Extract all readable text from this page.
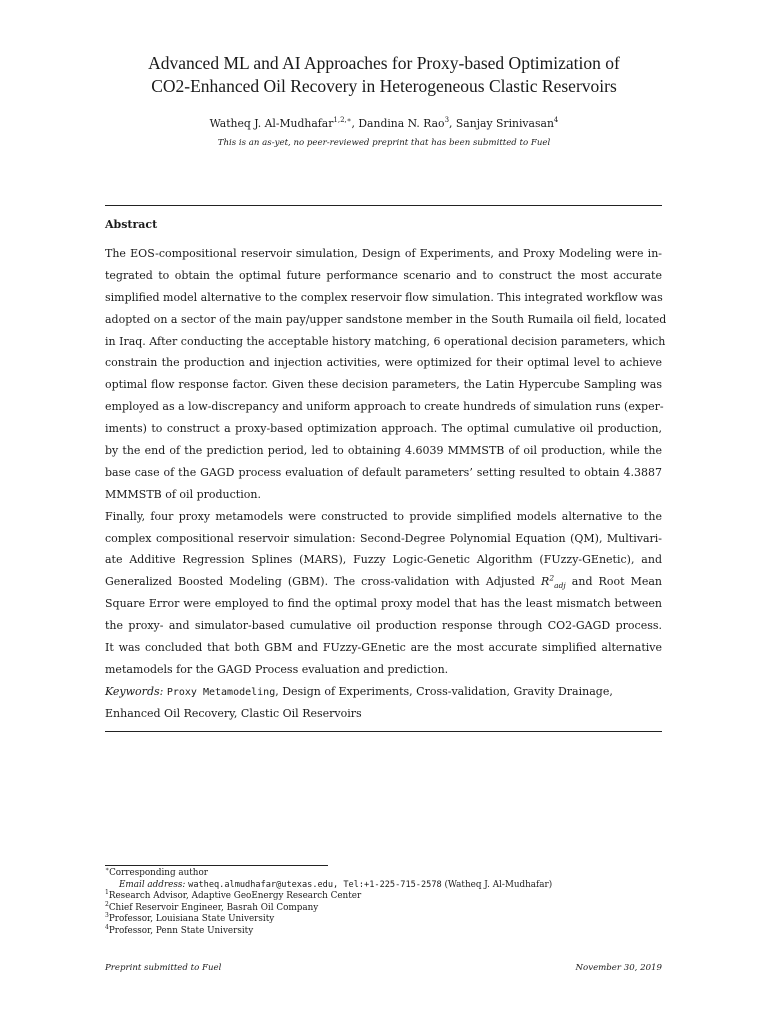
Advanced ML and AI Approaches for Proxy-based Optimization of
CO2-Enhanced Oil Recovery in Heterogeneous Clastic Reservoirs
Watheq J. Al-Mudhafar$^{1,2,∗}$, Dandina N. Rao$^3$, Sanjay Srinivasan$^4$
This is an as-yet, no peer-reviewed preprint that has been submitted to Fuel
Abstract
The EOS-compositional reservoir simulation, Design of Experiments, and Proxy Modeling were in-
tegrated to obtain the optimal future performance scenario and to construct the most accurate
simplified model alternative to the complex reservoir flow simulation. This integrated workflow was
adopted on a sector of the main pay/upper sandstone member in the South Rumaila oil field, located
in Iraq. After conducting the acceptable history matching, 6 operational decision parameters, which
constrain the production and injection activities, were optimized for their optimal level to achieve
optimal flow response factor. Given these decision parameters, the Latin Hypercube Sampling was
employed as a low-discrepancy and uniform approach to create hundreds of simulation runs (exper-
iments) to construct a proxy-based optimization approach. The optimal cumulative oil production,
by the end of the prediction period, led to obtaining 4.6039 MMMSTB of oil production, while the
base case of the GAGD process evaluation of default parameters’ setting resulted to obtain 4.3887
MMMSTB of oil production.
Finally, four proxy metamodels were constructed to provide simplified models alternative to the
complex compositional reservoir simulation: Second-Degree Polynomial Equation (QM), Multivari-
ate Additive Regression Splines (MARS), Fuzzy Logic-Genetic Algorithm (FUzzy-GEnetic), and
Generalized Boosted Modeling (GBM). The cross-validation with Adjusted $R^2_{adj}$ and Root Mean
Square Error were employed to find the optimal proxy model that has the least mismatch between
the proxy- and simulator-based cumulative oil production response through CO2-GAGD process.
It was concluded that both GBM and FUzzy-GEnetic are the most accurate simplified alternative
metamodels for the GAGD Process evaluation and prediction.
Keywords: Proxy Metamodeling, Design of Experiments, Cross-validation, Gravity Drainage,
Enhanced Oil Recovery, Clastic Oil Reservoirs
∗Corresponding author
Email address: watheq.almudhafar@utexas.edu, Tel:+1-225-715-2578 (Watheq J. Al-Mudhafar)
$^1$Research Advisor, Adaptive GeoEnergy Research Center
$^2$Chief Reservoir Engineer, Basrah Oil Company
$^3$Professor, Louisiana State University
$^4$Professor, Penn State University
Preprint submitted to Fuel	November 30, 2019
